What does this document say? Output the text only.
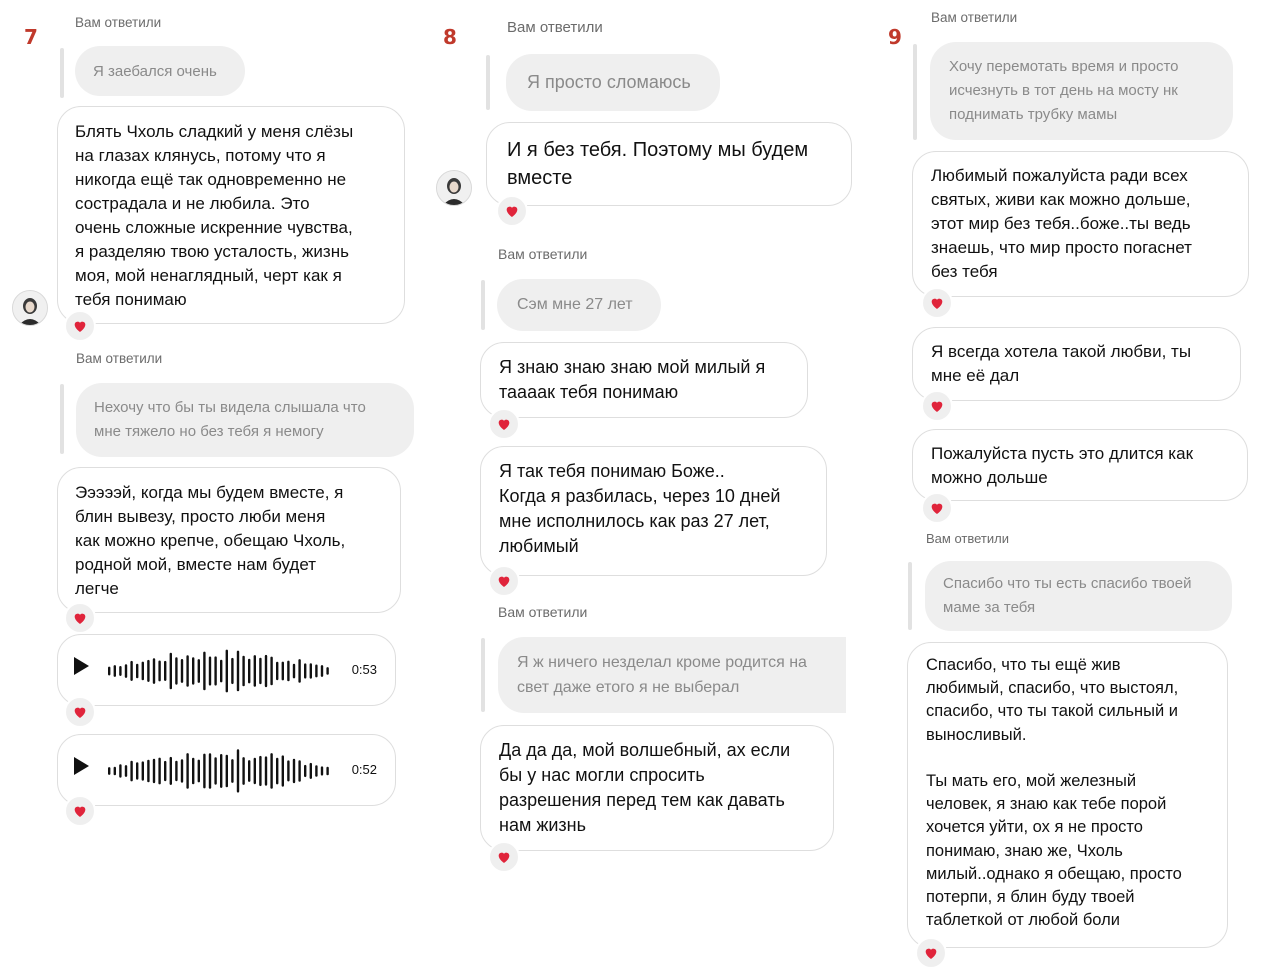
7
Вам ответили
Я заебался очень
Блять Чхоль сладкий у меня слёзы
на глазах клянусь, потому что я
никогда ещё так одновременно не
сострадала и не любила. Это
очень сложные искренние чувства,
я разделяю твою усталость, жизнь
моя, мой ненаглядный, черт как я
тебя понимаю
Вам ответили
Нехочу что бы ты видела слышала что
мне тяжело но без тебя я немогу
Эээээй, когда мы будем вместе, я
блин вывезу, просто люби меня
как можно крепче, обещаю Чхоль,
родной мой, вместе нам будет
легче
0:53
0:52
8	Вам ответили
Я просто сломаюсь
И я без тебя. Поэтому мы будем
вместе
Вам ответили
Сэм мне 27 лет
Я знаю знаю знаю мой милый я
тааaак тебя понимаю
Я так тебя понимаю Боже..
Когда я разбилась, через 10 дней
мне исполнилось как раз 27 лет,
любимый
Вам ответили
Я ж ничего незделал кроме родится на
свет даже етого я не выберал
Да да да, мой волшебный, ах если
бы у нас могли спросить
разрешения перед тем как давать
нам жизнь
9
Вам ответили
Хочу перемотать время и просто
исчезнуть в тот день на мосту нк
поднимать трубку мамы
Любимый пожалуйста ради всех
святых, живи как можно дольше,
этот мир без тебя..боже..ты ведь
знаешь, что мир просто погаснет
без тебя
Я всегда хотела такой любви, ты
мне её дал
Пожалуйста пусть это длится как
можно дольше
Вам ответили
Спасибо что ты есть спасибо твоей
маме за тебя
Спасибо, что ты ещё жив
любимый, спасибо, что выстоял,
спасибо, что ты такой сильный и
выносливый.

Ты мать его, мой железный
человек, я знаю как тебе порой
хочется уйти, ох я не просто
понимаю, знаю же, Чхоль
милый..однако я обещаю, просто
потерпи, я блин буду твоей
таблеткой от любой боли
